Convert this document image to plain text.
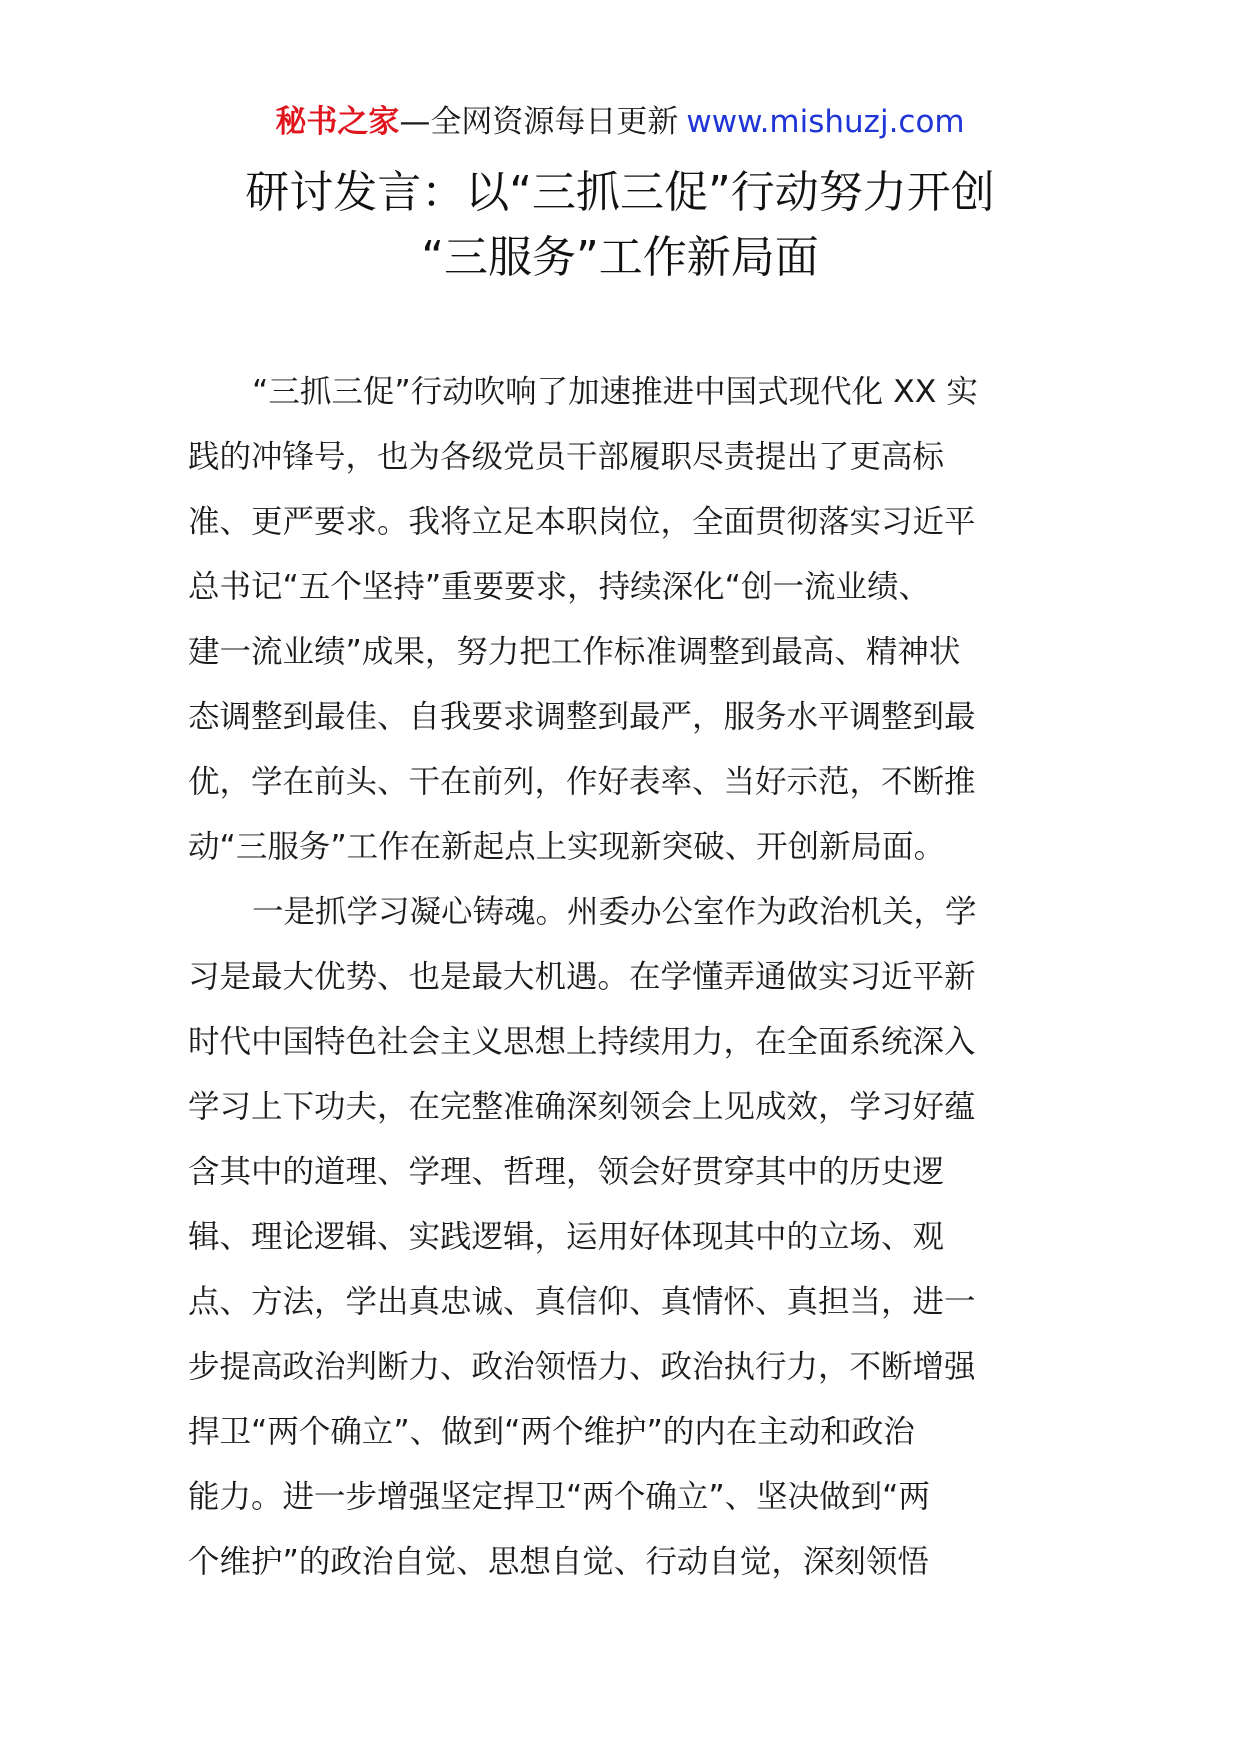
秘书之家—全网资源每日更新 www.mishuzj.com
研讨发言：以“三抓三促”行动努力开创
“三服务”工作新局面
“三抓三促”行动吹响了加速推进中国式现代化 XX 实
践的冲锋号，也为各级党员干部履职尽责提出了更高标
准、更严要求。我将立足本职岗位，全面贯彻落实习近平
总书记“五个坚持”重要要求，持续深化“创一流业绩、
建一流业绩”成果，努力把工作标准调整到最高、精神状
态调整到最佳、自我要求调整到最严，服务水平调整到最
优，学在前头、干在前列，作好表率、当好示范，不断推
动“三服务”工作在新起点上实现新突破、开创新局面。
一是抓学习凝心铸魂。州委办公室作为政治机关，学
习是最大优势、也是最大机遇。在学懂弄通做实习近平新
时代中国特色社会主义思想上持续用力，在全面系统深入
学习上下功夫，在完整准确深刻领会上见成效，学习好蕴
含其中的道理、学理、哲理，领会好贯穿其中的历史逻
辑、理论逻辑、实践逻辑，运用好体现其中的立场、观
点、方法，学出真忠诚、真信仰、真情怀、真担当，进一
步提高政治判断力、政治领悟力、政治执行力，不断增强
捍卫“两个确立”、做到“两个维护”的内在主动和政治
能力。进一步增强坚定捍卫“两个确立”、坚决做到“两
个维护”的政治自觉、思想自觉、行动自觉，深刻领悟
